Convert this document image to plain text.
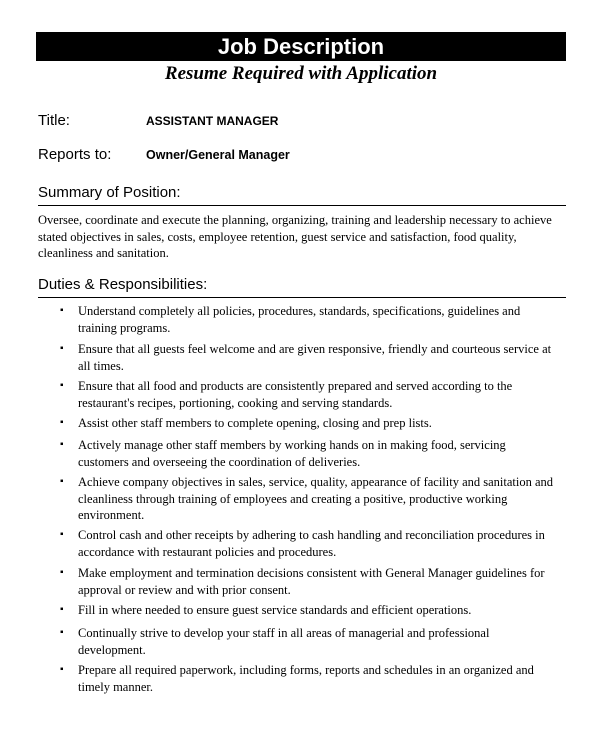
Job Description
Resume Required with Application
Title:	ASSISTANT MANAGER
Reports to:	Owner/General Manager
Summary of Position:
Oversee, coordinate and execute the planning, organizing, training and leadership necessary to achieve stated objectives in sales, costs, employee retention, guest service and satisfaction, food quality, cleanliness and sanitation.
Duties & Responsibilities:
▪ Understand completely all policies, procedures, standards, specifications, guidelines and training programs.
▪ Ensure that all guests feel welcome and are given responsive, friendly and courteous service at all times.
▪ Ensure that all food and products are consistently prepared and served according to the restaurant's recipes, portioning, cooking and serving standards.
▪ Assist other staff members to complete opening, closing and prep lists.
▪ Actively manage other staff members by working hands on in making food, servicing customers and overseeing the coordination of deliveries.
▪ Achieve company objectives in sales, service, quality, appearance of facility and sanitation and cleanliness through training of employees and creating a positive, productive working environment.
▪ Control cash and other receipts by adhering to cash handling and reconciliation procedures in accordance with restaurant policies and procedures.
▪ Make employment and termination decisions consistent with General Manager guidelines for approval or review and with prior consent.
▪ Fill in where needed to ensure guest service standards and efficient operations.
▪ Continually strive to develop your staff in all areas of managerial and professional development.
▪ Prepare all required paperwork, including forms, reports and schedules in an organized and timely manner.
